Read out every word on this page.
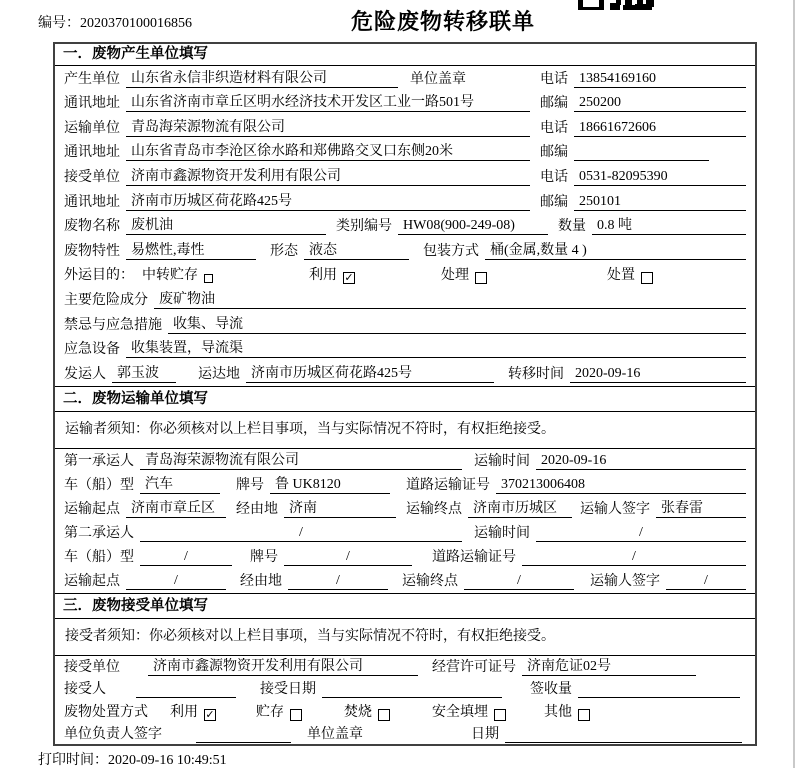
编号：2020370100016856	危险废物转移联单
一．废物产生单位填写
产生单位 山东省永信非织造材料有限公司	单位盖章	电话 13854169160
通讯地址 山东省济南市章丘区明水经济技术开发区工业一路501号	邮编 250200
运输单位 青岛海荣源物流有限公司	电话 18661672606
通讯地址 山东省青岛市李沧区徐水路和郑佛路交叉口东侧20米	邮编
接受单位 济南市鑫源物资开发利用有限公司	电话 0531-82095390
通讯地址 济南市历城区荷花路425号	邮编 250101
废物名称 废机油	类别编号 HW08(900-249-08)	数量 0.8 吨
废物特性 易燃性,毒性	形态 液态	包装方式 桶(金属,数量 4 )
外运目的： 中转贮存	利用 ✓	处理	处置
主要危险成分 废矿物油
禁忌与应急措施 收集、导流
应急设备 收集装置，导流渠
发运人 郭玉波	运达地 济南市历城区荷花路425号	转移时间 2020-09-16
二．废物运输单位填写
运输者须知：你必须核对以上栏目事项，当与实际情况不符时，有权拒绝接受。
第一承运人 青岛海荣源物流有限公司	运输时间 2020-09-16
车（船）型 汽车	牌号 鲁 UK8120	道路运输证号 370213006408
运输起点 济南市章丘区	经由地 济南	运输终点 济南市历城区	运输人签字 张春雷
第二承运人	/	运输时间	/
车（船）型	/	牌号	/	道路运输证号	/
运输起点	/	经由地	/	运输终点	/	运输人签字	/
三．废物接受单位填写
接受者须知：你必须核对以上栏目事项，当与实际情况不符时，有权拒绝接受。
接受单位	济南市鑫源物资开发利用有限公司	经营许可证号 济南危证02号
接受人	接受日期	签收量
废物处置方式 利用 ✓	贮存	焚烧	安全填埋	其他
单位负责人签字	单位盖章	日期
打印时间：2020-09-16 10:49:51
